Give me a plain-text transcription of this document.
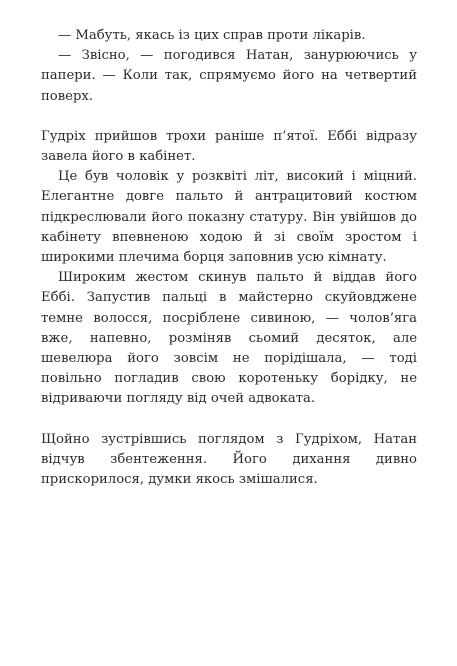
— Мабуть, якась із цих справ проти лікарів.

— Звісно, — погодився Натан, занурюючись у папери. — Коли так, спрямуємо його на четвертий поверх.

Гудріх прийшов трохи раніше п’ятої. Еббі відразу завела його в кабінет.

Це був чоловік у розквіті літ, високий і міцний. Елегантне довге пальто й антрацитовий костюм підкреслювали його показну статуру. Він увійшов до кабінету впевненою ходою й зі своїм зростом і широкими плечима борця заповнив усю кімнату.

Широким жестом скинув пальто й віддав його Еббі. Запустив пальці в майстерно скуйовджене темне волосся, посріблене сивиною, — чолов’яга вже, напевно, розміняв сьомий десяток, але шевелюра його зовсім не порідішала, — тоді повільно погладив свою коротеньку борідку, не відриваючи погляду від очей адвоката.

Щойно зустрівшись поглядом з Гудріхом, Натан відчув збентеження. Його дихання дивно прискорилося, думки якось змішалися.
